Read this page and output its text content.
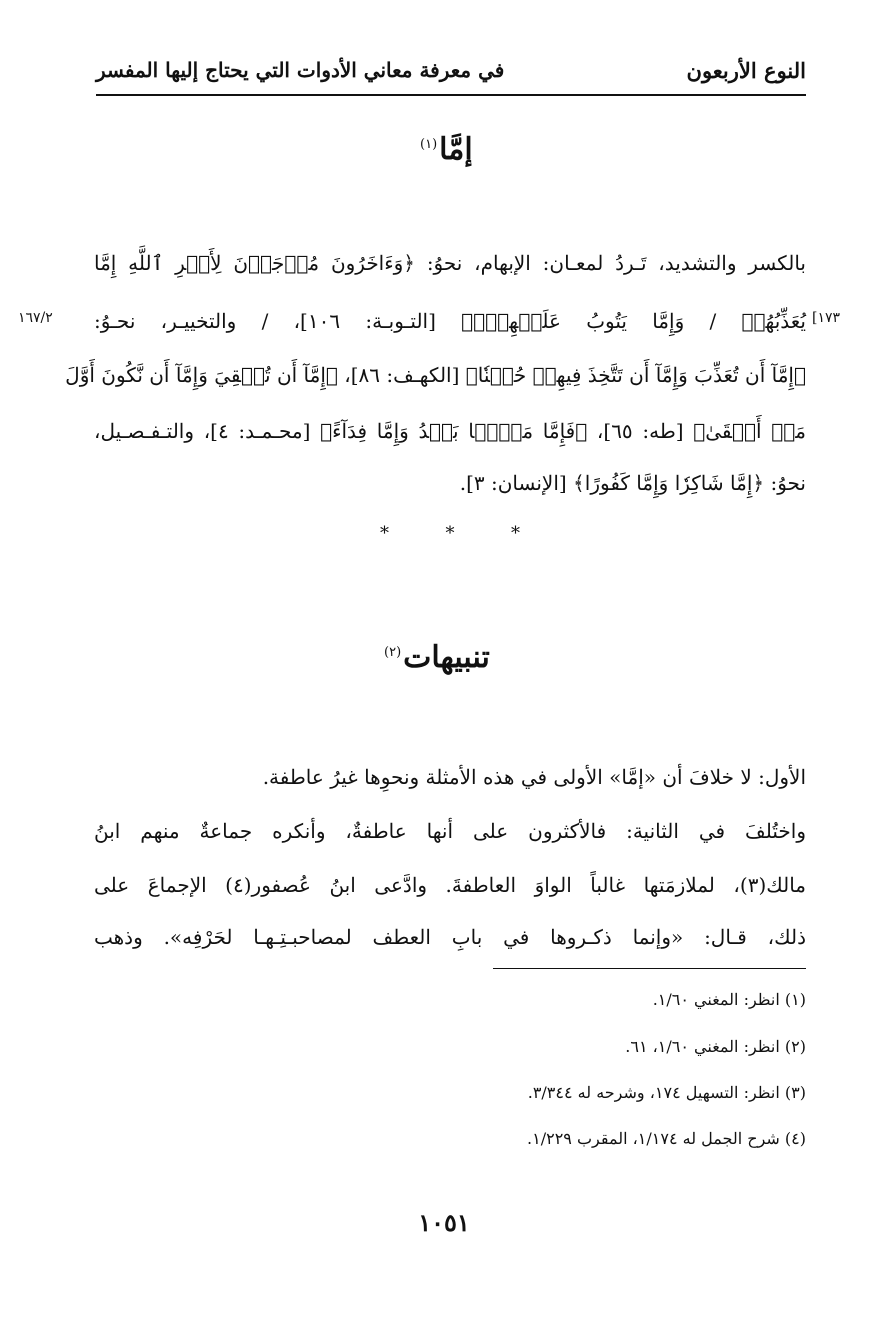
النوع الأربعون
في معرفة معاني الأدوات التي يحتاج إليها المفسر
إمَّا$^{(١)}$
بالكسر والتشديد، تَـردُ لمعـان: الإبهام، نحوُ: ﴿وَءَاخَرُونَ مُرۡجَوۡنَ لِأَمۡرِ ٱللَّهِ إِمَّا
يُعَذِّبُهُمۡ / وَإِمَّا يَتُوبُ عَلَيۡهِمۡۗ﴾ [التـوبـة: ١٠٦]، / والتخييـر، نحـوُ:
١٦٧/٢	[١٧٣
﴿إِمَّآ أَن تُعَذِّبَ وَإِمَّآ أَن تَتَّخِذَ فِيهِمۡ حُسۡنٗا﴾ [الكهـف: ٨٦]، ﴿إِمَّآ أَن تُلۡقِيَ وَإِمَّآ أَن نَّكُونَ أَوَّلَ
مَنۡ أَلۡقَىٰ﴾ [طه: ٦٥]، ﴿فَإِمَّا مَنَّۢا بَعۡدُ وَإِمَّا فِدَآءً﴾ [محـمـد: ٤]، والتـفـصـيل،
نحوُ: ﴿إِمَّا شَاكِرٗا وَإِمَّا كَفُورًا﴾ [الإنسان: ٣].
*	*	*
تنبيهات$^{(٢)}$
الأول: لا خلافَ أن «إمَّا» الأولى في هذه الأمثلة ونحوِها غيرُ عاطفة.
واختُلفَ في الثانية: فالأكثرون على أنها عاطفةٌ، وأنكره جماعةٌ منهم ابنُ
مالك(٣)، لملازمَتها غالباً الواوَ العاطفةَ. وادَّعى ابنُ عُصفور(٤) الإجماعَ على
ذلك، قـال: «وإنما ذكـروها في بابِ العطف لمصاحبـتِـهـا لحَرْفِه». وذهب
(١) انظر: المغني ١/٦٠.
(٢) انظر: المغني ١/٦٠، ٦١.
(٣) انظر: التسهيل ١٧٤، وشرحه له ٣/٣٤٤.
(٤) شرح الجمل له ١/١٧٤، المقرب ١/٢٢٩.
١٠٥١
